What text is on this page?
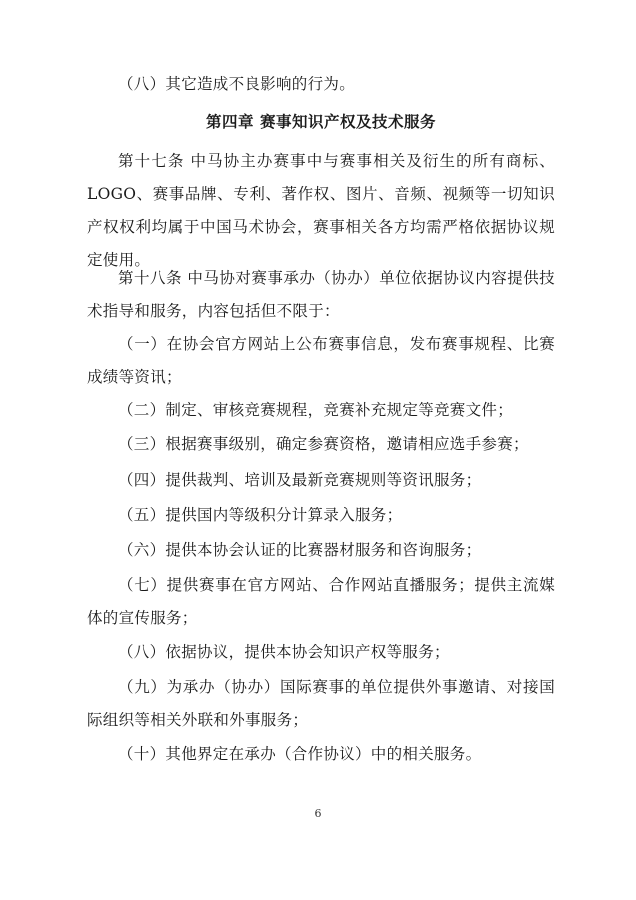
（八）其它造成不良影响的行为。

第四章 赛事知识产权及技术服务

第十七条 中马协主办赛事中与赛事相关及衍生的所有商标、LOGO、赛事品牌、专利、著作权、图片、音频、视频等一切知识产权权利均属于中国马术协会，赛事相关各方均需严格依据协议规定使用。

第十八条 中马协对赛事承办（协办）单位依据协议内容提供技术指导和服务，内容包括但不限于：

（一）在协会官方网站上公布赛事信息，发布赛事规程、比赛成绩等资讯；

（二）制定、审核竞赛规程，竞赛补充规定等竞赛文件；

（三）根据赛事级别，确定参赛资格，邀请相应选手参赛；

（四）提供裁判、培训及最新竞赛规则等资讯服务；

（五）提供国内等级积分计算录入服务；

（六）提供本协会认证的比赛器材服务和咨询服务；

（七）提供赛事在官方网站、合作网站直播服务；提供主流媒体的宣传服务；

（八）依据协议，提供本协会知识产权等服务；

（九）为承办（协办）国际赛事的单位提供外事邀请、对接国际组织等相关外联和外事服务；

（十）其他界定在承办（合作协议）中的相关服务。

6
